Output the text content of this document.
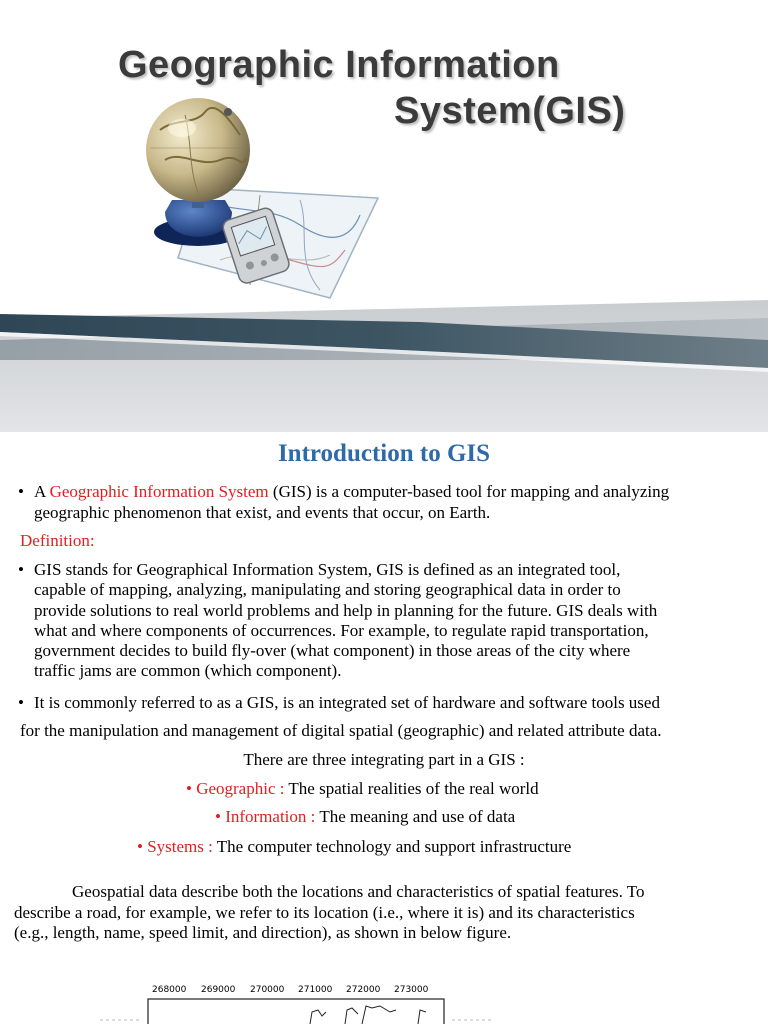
Geographic Information
System(GIS)
Introduction to GIS
• A Geographic Information System (GIS) is a computer-based tool for mapping and analyzing
geographic phenomenon that exist, and events that occur, on Earth.

Definition:

• GIS stands for Geographical Information System, GIS is defined as an integrated tool,
capable of mapping, analyzing, manipulating and storing geographical data in order to
provide solutions to real world problems and help in planning for the future. GIS deals with
what and where components of occurrences. For example, to regulate rapid transportation,
government decides to build fly-over (what component) in those areas of the city where
traffic jams are common (which component).

• It is commonly referred to as a GIS, is an integrated set of hardware and software tools used

for the manipulation and management of digital spatial (geographic) and related attribute data.

There are three integrating part in a GIS :

• Geographic : The spatial realities of the real world

• Information : The meaning and use of data

• Systems : The computer technology and support infrastructure

Geospatial data describe both the locations and characteristics of spatial features. To
describe a road, for example, we refer to its location (i.e., where it is) and its characteristics
(e.g., length, name, speed limit, and direction), as shown in below figure.

268000 269000 270000 271000 272000 273000
